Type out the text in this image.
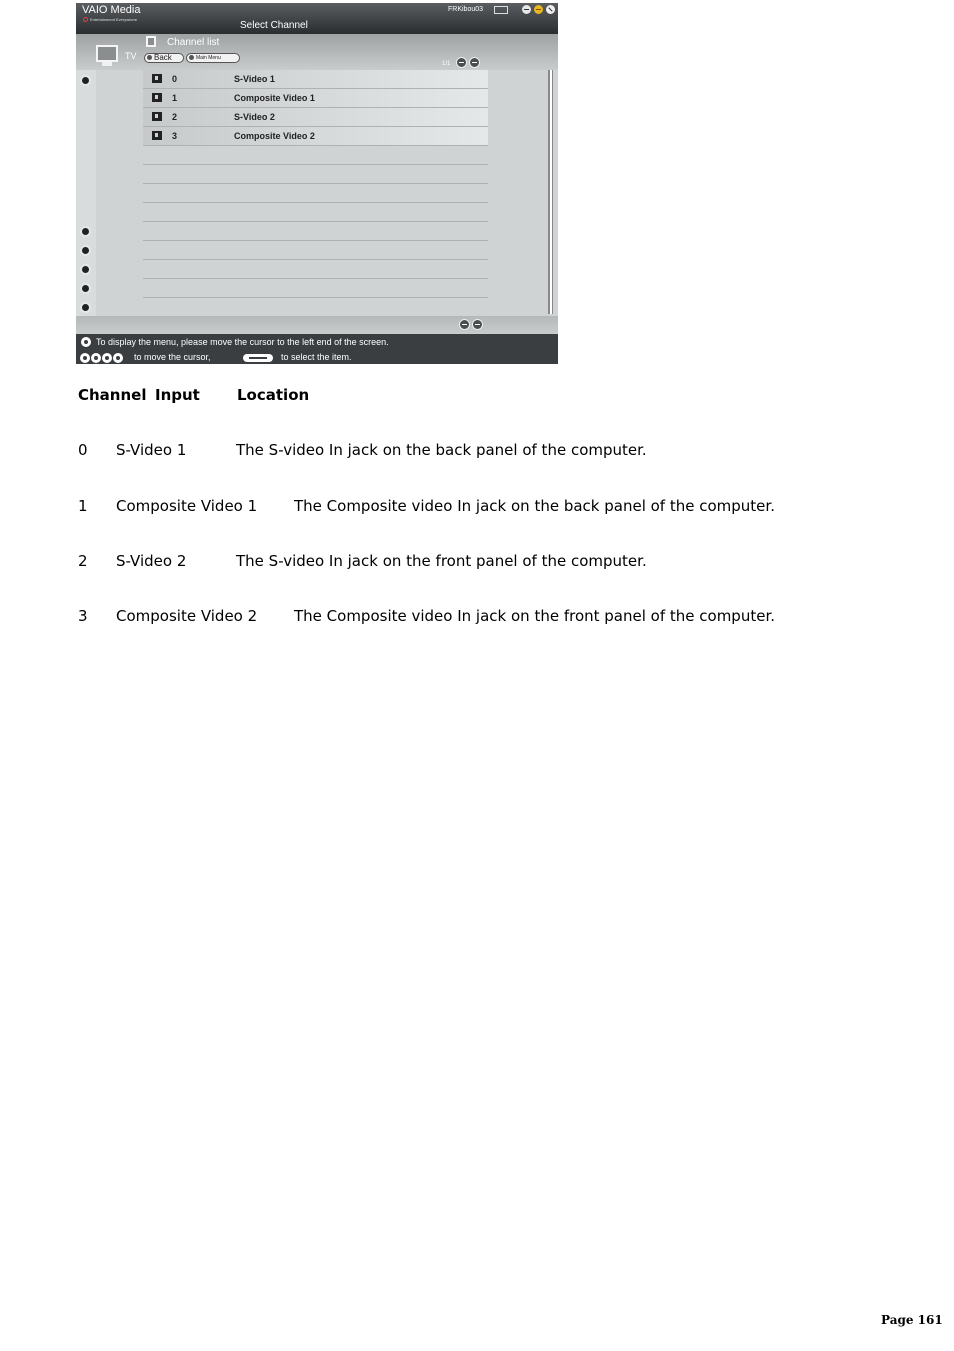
VAIO Media
Entertainment Everywhere
Select Channel
FRKibou03
TV
Channel list
Back	Main Menu
1/1
0	S-Video 1
1	Composite Video 1
2	S-Video 2
3	Composite Video 2
To display the menu, please move the cursor to the left end of the screen.
to move the cursor,	to select the item.
Channel Input Location
0 S-Video 1	The S-video In jack on the back panel of the computer.
1 Composite Video 1 The Composite video In jack on the back panel of the computer.
2 S-Video 2	The S-video In jack on the front panel of the computer.
3 Composite Video 2 The Composite video In jack on the front panel of the computer.
Page 161
